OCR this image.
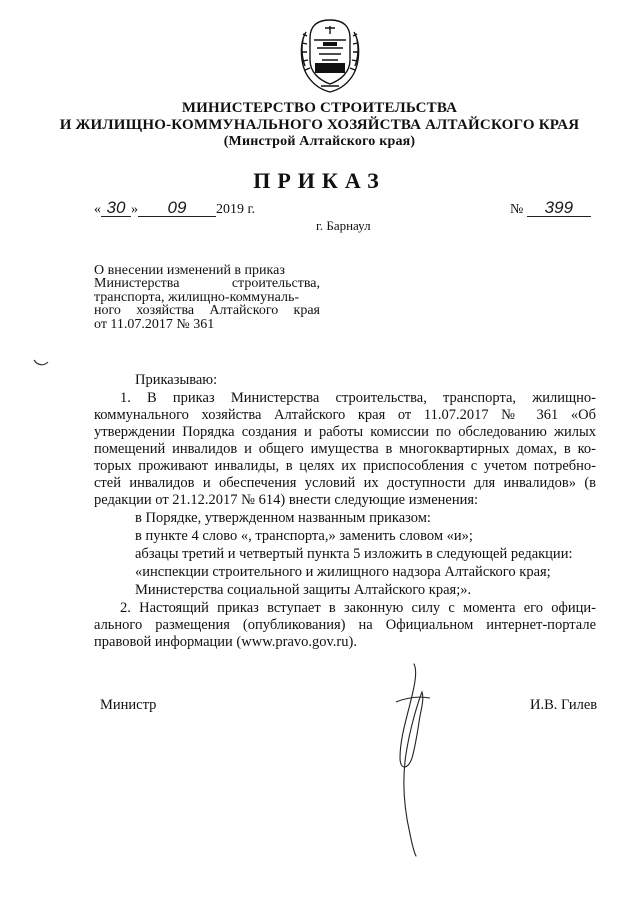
МИНИСТЕРСТВО СТРОИТЕЛЬСТВА
И ЖИЛИЩНО-КОММУНАЛЬНОГО ХОЗЯЙСТВА АЛТАЙСКОГО КРАЯ
(Минстрой Алтайского края)
ПРИКАЗ
« 30 » 09 2019 г.	№ 399
г. Барнаул
О внесении изменений в приказ
Министерства строительства,
транспорта, жилищно-коммуналь-
ного хозяйства Алтайского края
от 11.07.2017 № 361
Приказываю:
1. В приказ Министерства строительства, транспорта, жилищно-
коммунального хозяйства Алтайского края от 11.07.2017 № 361 «Об
утверждении Порядка создания и работы комиссии по обследованию жилых
помещений инвалидов и общего имущества в многоквартирных домах, в ко-
торых проживают инвалиды, в целях их приспособления с учетом потребно-
стей инвалидов и обеспечения условий их доступности для инвалидов» (в
редакции от 21.12.2017 № 614) внести следующие изменения:
в Порядке, утвержденном названным приказом:
в пункте 4 слово «, транспорта,» заменить словом «и»;
абзацы третий и четвертый пункта 5 изложить в следующей редакции:
«инспекции строительного и жилищного надзора Алтайского края;
Министерства социальной защиты Алтайского края;».
2. Настоящий приказ вступает в законную силу с момента его офици-
ального размещения (опубликования) на Официальном интернет-портале
правовой информации (www.pravo.gov.ru).
Министр	И.В. Гилев
